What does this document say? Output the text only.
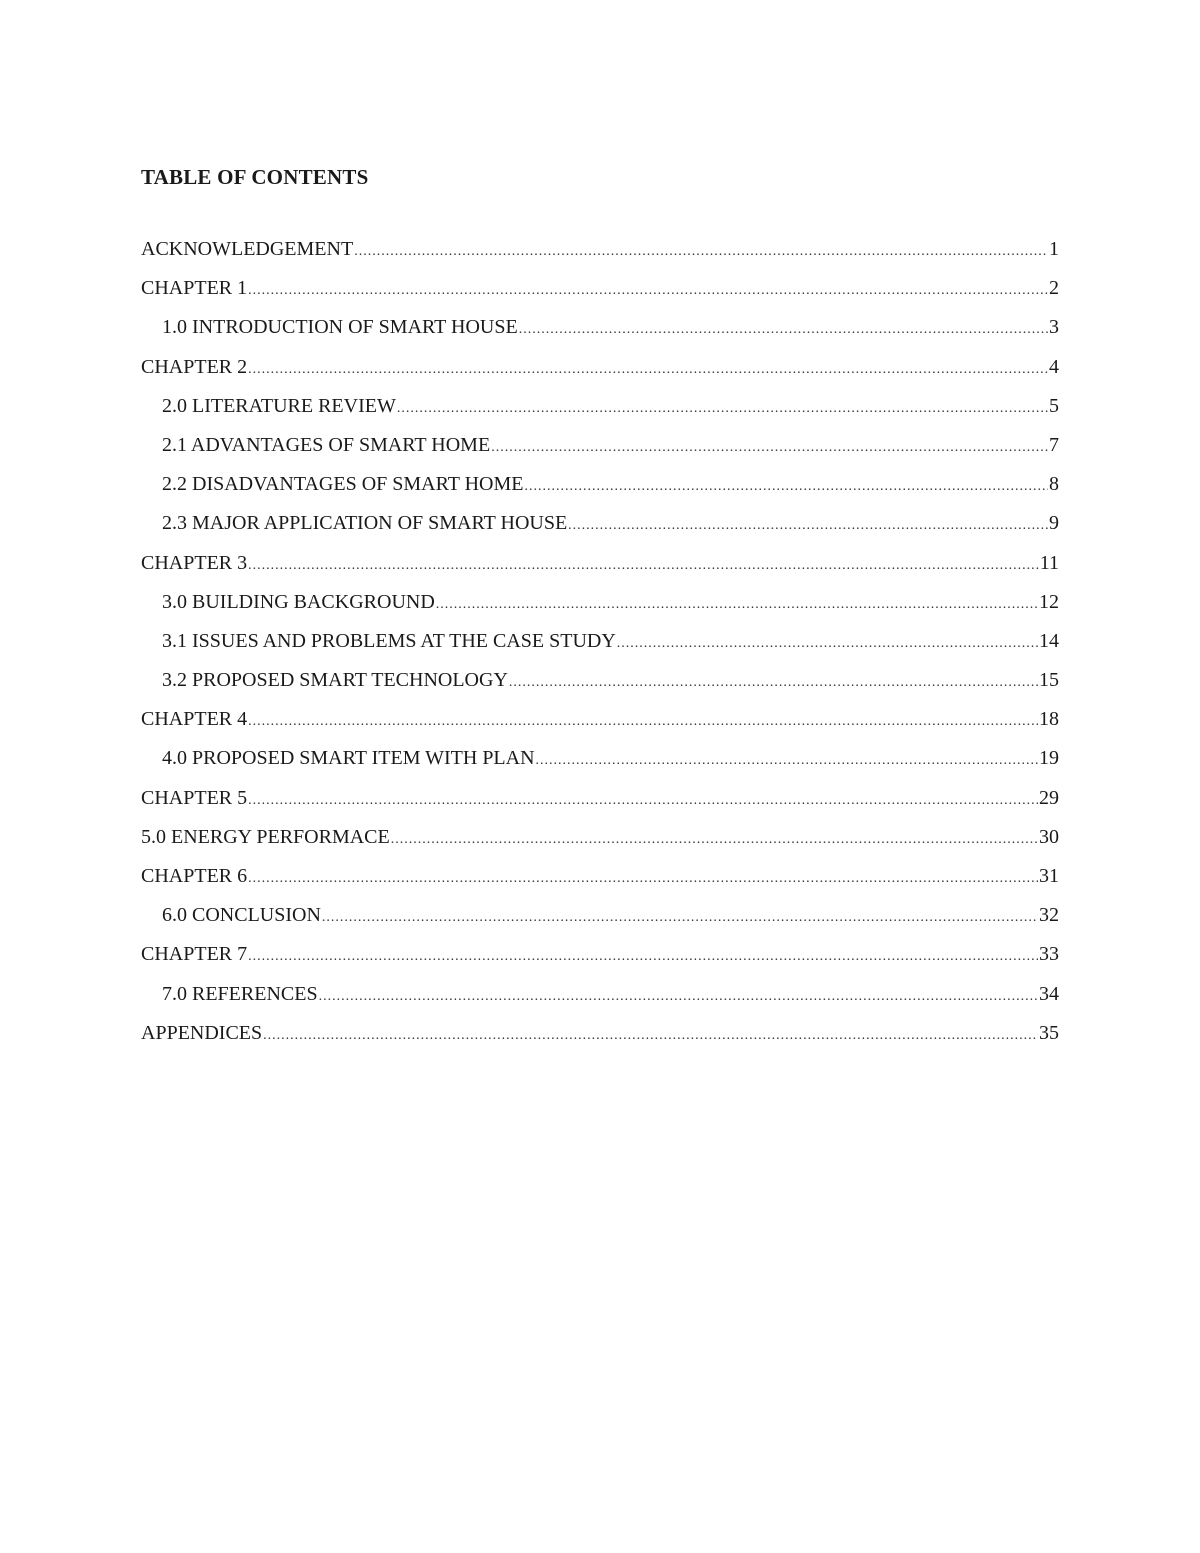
TABLE OF CONTENTS
ACKNOWLEDGEMENT .....	1
CHAPTER 1 .....	2
1.0 INTRODUCTION OF SMART HOUSE .....	3
CHAPTER 2 .....	4
2.0 LITERATURE REVIEW .....	5
2.1 ADVANTAGES OF SMART HOME .....	7
2.2 DISADVANTAGES OF SMART HOME .....	8
2.3 MAJOR APPLICATION OF SMART HOUSE .....	9
CHAPTER 3 .....	11
3.0 BUILDING BACKGROUND .....	12
3.1 ISSUES AND PROBLEMS AT THE CASE STUDY .....	14
3.2 PROPOSED SMART TECHNOLOGY .....	15
CHAPTER 4 .....	18
4.0 PROPOSED SMART ITEM WITH PLAN .....	19
CHAPTER 5 .....	29
5.0 ENERGY PERFORMACE .....	30
CHAPTER 6 .....	31
6.0 CONCLUSION .....	32
CHAPTER 7 .....	33
7.0 REFERENCES .....	34
APPENDICES .....	35
